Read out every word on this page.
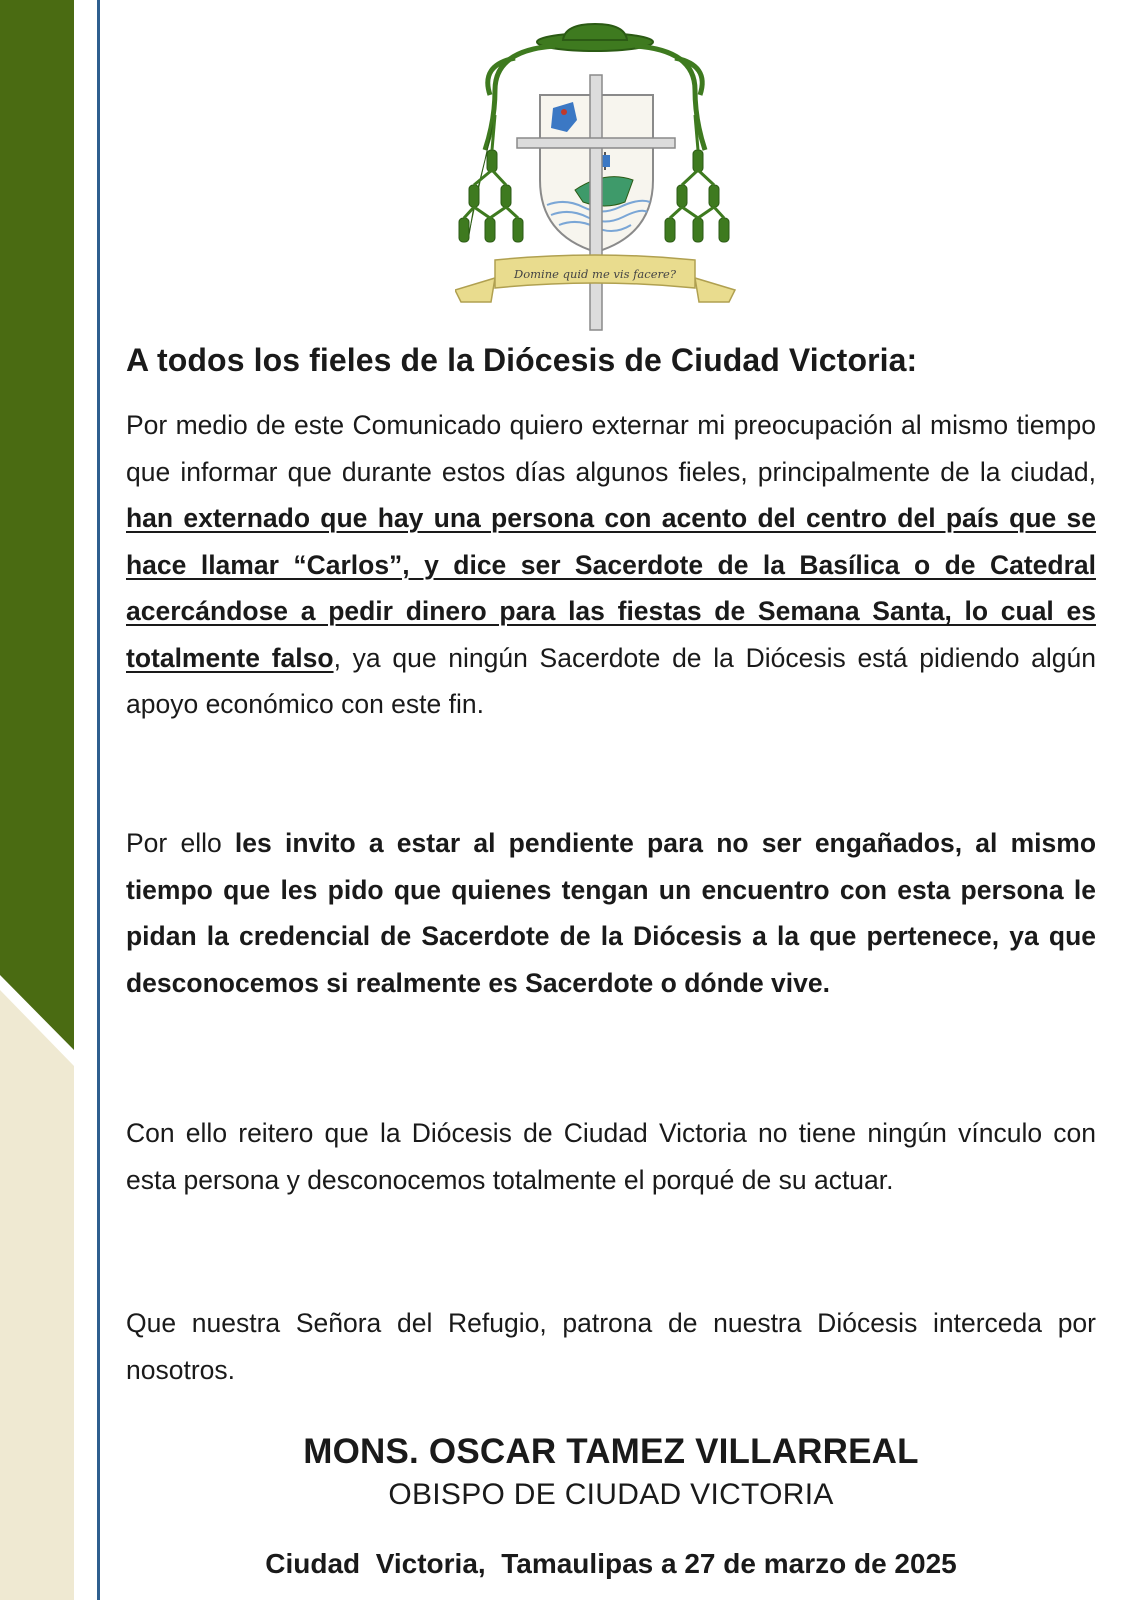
Domine quid me vis facere?
A todos los fieles de la Diócesis de Ciudad Victoria:

Por medio de este Comunicado quiero externar mi preocupación al mismo tiempo que informar que durante estos días algunos fieles, principalmente de la ciudad, han externado que hay una persona con acento del centro del país que se hace llamar “Carlos”, y dice ser Sacerdote de la Basílica o de Catedral acercándose a pedir dinero para las fiestas de Semana Santa, lo cual es totalmente falso, ya que ningún Sacerdote de la Diócesis está pidiendo algún apoyo económico con este fin.

Por ello les invito a estar al pendiente para no ser engañados, al mismo tiempo que les pido que quienes tengan un encuentro con esta persona le pidan la credencial de Sacerdote de la Diócesis a la que pertenece, ya que desconocemos si realmente es Sacerdote o dónde vive.

Con ello reitero que la Diócesis de Ciudad Victoria no tiene ningún vínculo con esta persona y desconocemos totalmente el porqué de su actuar.

Que nuestra Señora del Refugio, patrona de nuestra Diócesis interceda por nosotros.

MONS. OSCAR TAMEZ VILLARREAL
OBISPO DE CIUDAD VICTORIA
Ciudad  Victoria,  Tamaulipas a 27 de marzo de 2025
